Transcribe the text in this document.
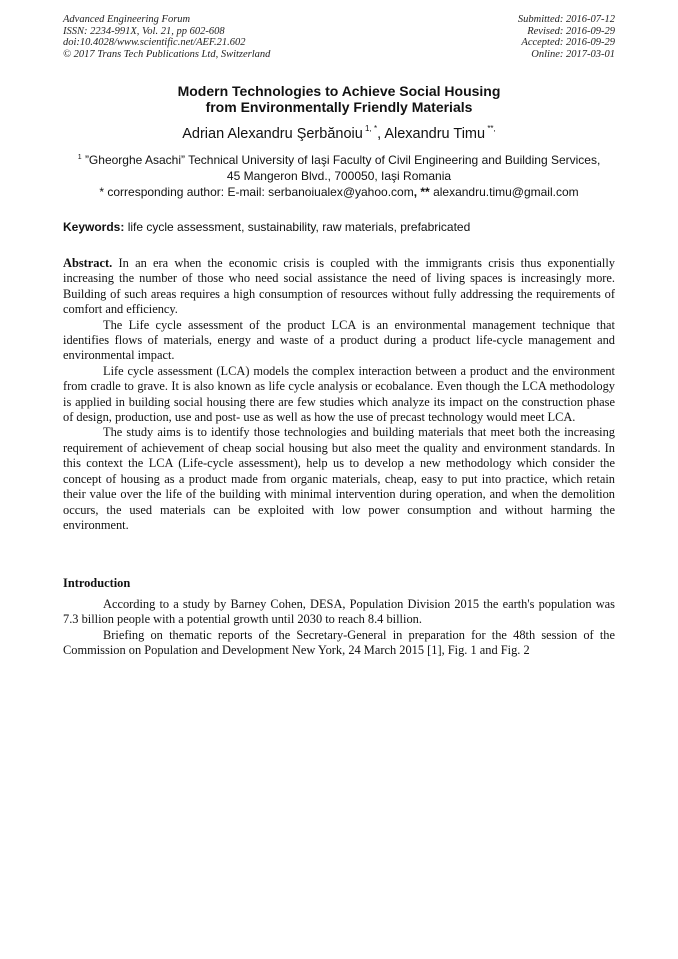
Advanced Engineering Forum
ISSN: 2234-991X, Vol. 21, pp 602-608
doi:10.4028/www.scientific.net/AEF.21.602
© 2017 Trans Tech Publications Ltd, Switzerland
Submitted: 2016-07-12
Revised: 2016-09-29
Accepted: 2016-09-29
Online: 2017-03-01
Modern Technologies to Achieve Social Housing
from Environmentally Friendly Materials
Adrian Alexandru Şerbănoiu $^{1, *}$, Alexandru Timu **,
$^1$ ”Gheorghe Asachi” Technical University of Iaşi Faculty of Civil Engineering and Building Services,
45 Mangeron Blvd., 700050, Iaşi Romania
* corresponding author: E-mail: serbanoiualex@yahoo.com, ** alexandru.timu@gmail.com
Keywords: life cycle assessment, sustainability, raw materials, prefabricated

Abstract. In an era when the economic crisis is coupled with the immigrants crisis thus exponentially increasing the number of those who need social assistance the need of living spaces is increasingly more. Building of such areas requires a high consumption of resources without fully addressing the requirements of comfort and efficiency.

The Life cycle assessment of the product LCA is an environmental management technique that identifies flows of materials, energy and waste of a product during a product life-cycle management and environmental impact.

Life cycle assessment (LCA) models the complex interaction between a product and the environment from cradle to grave. It is also known as life cycle analysis or ecobalance. Even though the LCA methodology is applied in building social housing there are few studies which analyze its impact on the construction phase of design, production, use and post- use as well as how the use of precast technology would meet LCA.

The study aims is to identify those technologies and building materials that meet both the increasing requirement of achievement of cheap social housing but also meet the quality and environment standards. In this context the LCA (Life-cycle assessment), help us to develop a new methodology which consider the concept of housing as a product made from organic materials, cheap, easy to put into practice, which retain their value over the life of the building with minimal intervention during operation, and when the demolition occurs, the used materials can be exploited with low power consumption and without harming the environment.

Introduction

According to a study by Barney Cohen, DESA, Population Division 2015 the earth's population was 7.3 billion people with a potential growth until 2030 to reach 8.4 billion.

Briefing on thematic reports of the Secretary-General in preparation for the 48th session of the Commission on Population and Development New York, 24 March 2015 [1], Fig. 1 and Fig. 2
